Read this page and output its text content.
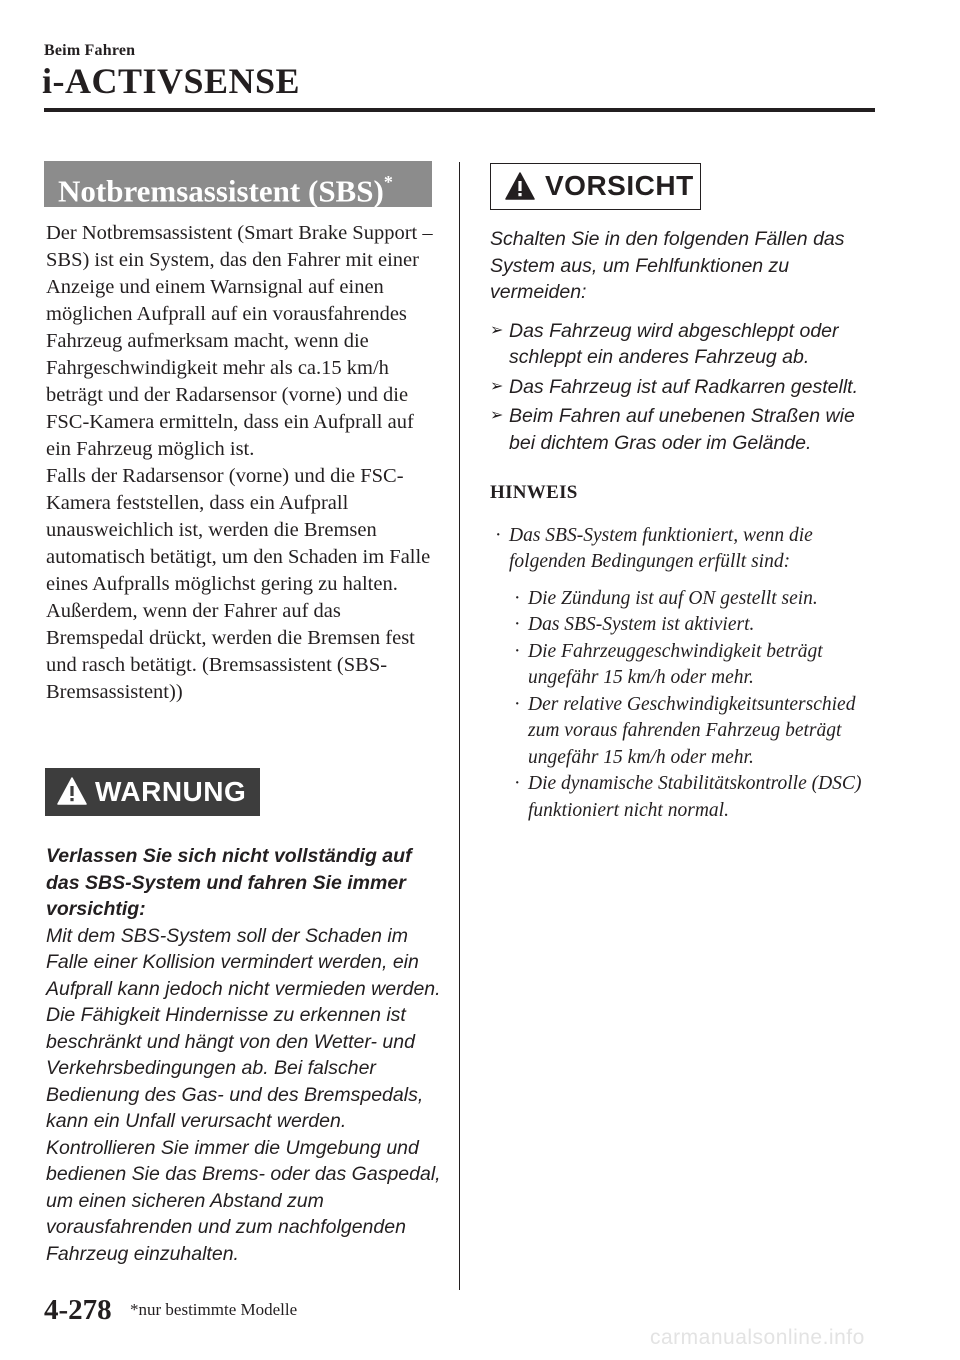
Beim Fahren
i-ACTIVSENSE
Notbremsassistent (SBS)*

Der Notbremsassistent (Smart Brake Support – SBS) ist ein System, das den Fahrer mit einer Anzeige und einem Warnsignal auf einen möglichen Aufprall auf ein vorausfahrendes Fahrzeug aufmerksam macht, wenn die Fahrgeschwindigkeit mehr als ca.15 km/h beträgt und der Radarsensor (vorne) und die FSC-Kamera ermitteln, dass ein Aufprall auf ein Fahrzeug möglich ist.

Falls der Radarsensor (vorne) und die FSC-Kamera feststellen, dass ein Aufprall unausweichlich ist, werden die Bremsen automatisch betätigt, um den Schaden im Falle eines Aufpralls möglichst gering zu halten.

Außerdem, wenn der Fahrer auf das Bremspedal drückt, werden die Bremsen fest und rasch betätigt. (Bremsassistent (SBS-Bremsassistent))

WARNUNG

Verlassen Sie sich nicht vollständig auf das SBS-System und fahren Sie immer vorsichtig:

Mit dem SBS-System soll der Schaden im Falle einer Kollision vermindert werden, ein Aufprall kann jedoch nicht vermieden werden. Die Fähigkeit Hindernisse zu erkennen ist beschränkt und hängt von den Wetter- und Verkehrsbedingungen ab. Bei falscher Bedienung des Gas- und des Bremspedals, kann ein Unfall verursacht werden. Kontrollieren Sie immer die Umgebung und bedienen Sie das Brems- oder das Gaspedal, um einen sicheren Abstand zum vorausfahrenden und zum nachfolgenden Fahrzeug einzuhalten.

VORSICHT

Schalten Sie in den folgenden Fällen das System aus, um Fehlfunktionen zu vermeiden:

➢ Das Fahrzeug wird abgeschleppt oder schleppt ein anderes Fahrzeug ab.
➢ Das Fahrzeug ist auf Radkarren gestellt.
➢ Beim Fahren auf unebenen Straßen wie bei dichtem Gras oder im Gelände.
HINWEIS
· Das SBS-System funktioniert, wenn die folgenden Bedingungen erfüllt sind:
· Die Zündung ist auf ON gestellt sein.
· Das SBS-System ist aktiviert.
· Die Fahrzeuggeschwindigkeit beträgt ungefähr 15 km/h oder mehr.
· Der relative Geschwindigkeitsunterschied zum voraus fahrenden Fahrzeug beträgt ungefähr 15 km/h oder mehr.
· Die dynamische Stabilitätskontrolle (DSC) funktioniert nicht normal.
4-278 *nur bestimmte Modelle
carmanualsonline.info
